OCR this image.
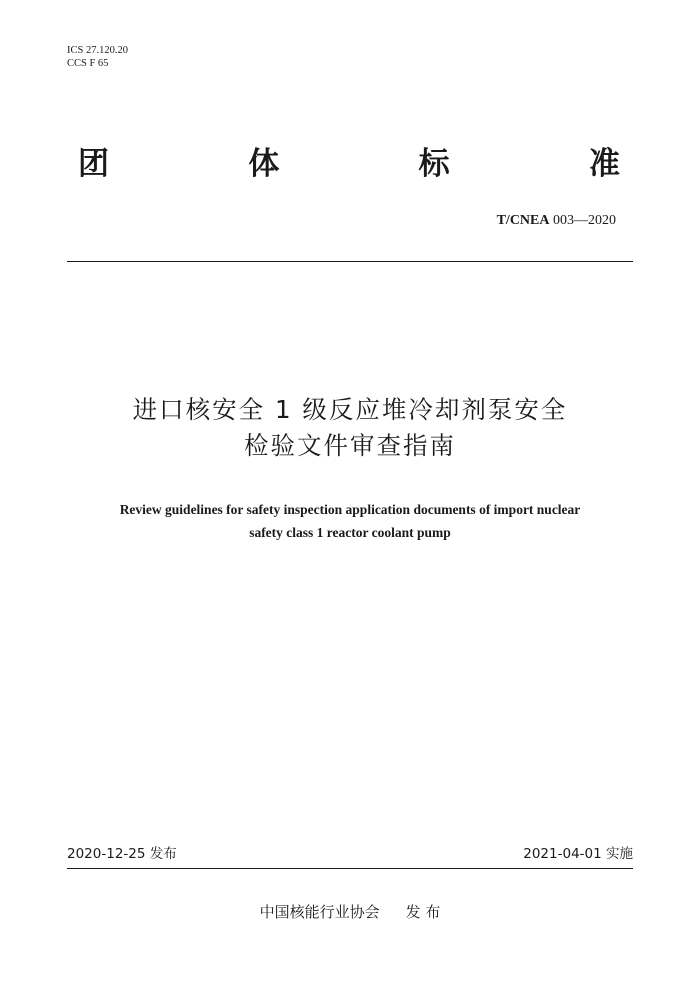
ICS 27.120.20
CCS F 65
团	体	标	准
T/CNEA 003—2020
进口核安全 1 级反应堆冷却剂泵安全
检验文件审查指南
Review guidelines for safety inspection application documents of import nuclear
safety class 1 reactor coolant pump
2020-12-25 发布	2021-04-01 实施
中国核能行业协会 发 布
